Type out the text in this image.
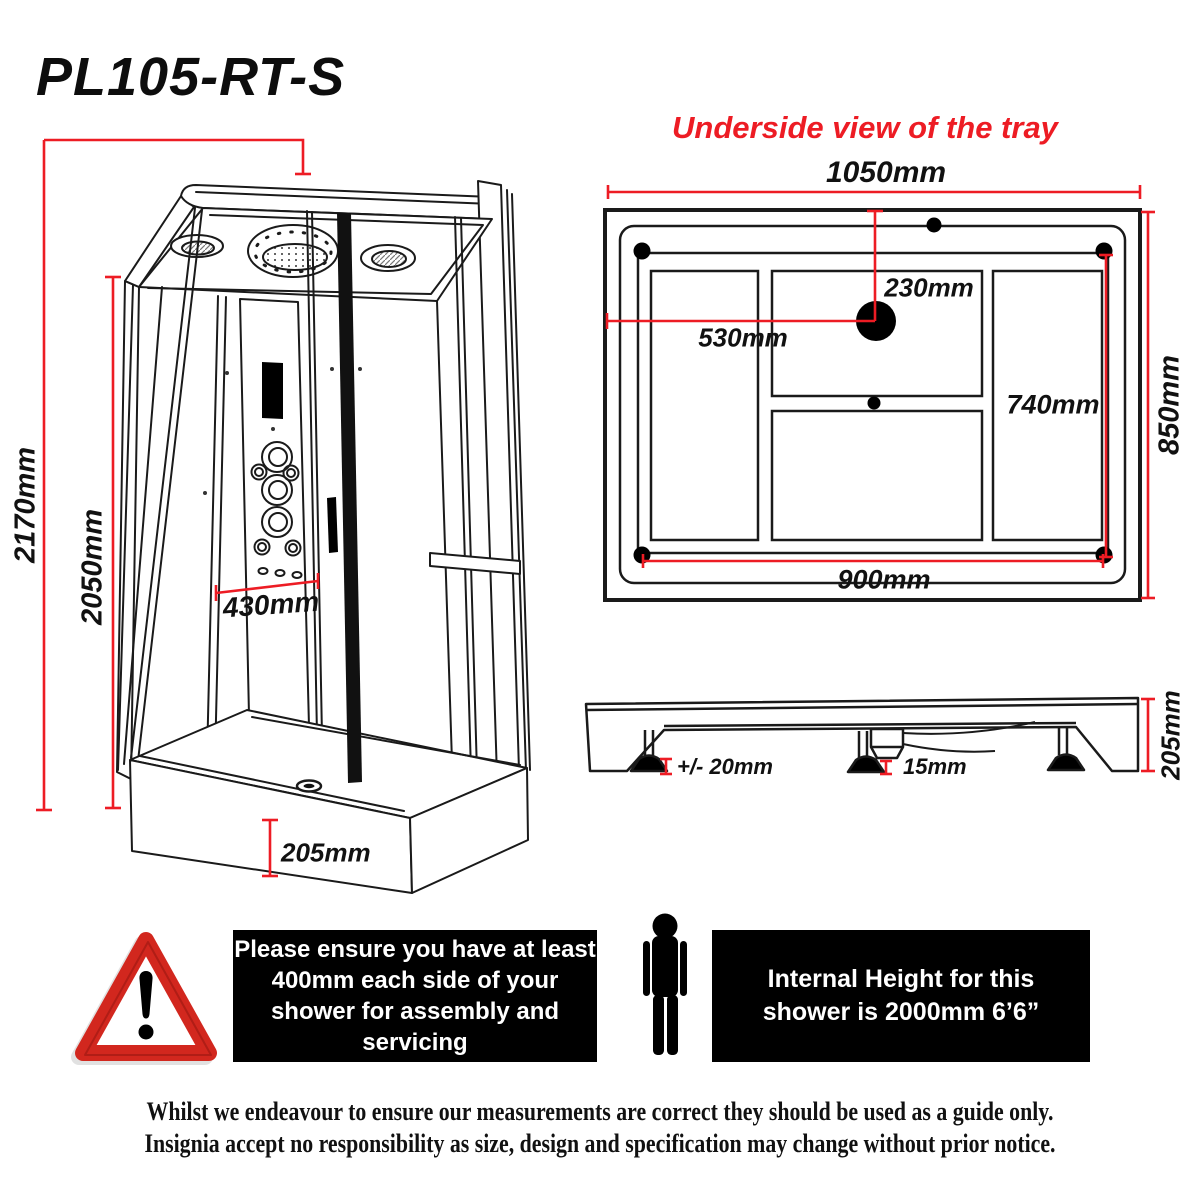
PL105-RT-S
Underside view of the tray
2170mm
2050mm	430mm
205mm
1050mm
850mm
230mm
530mm
740mm
900mm
+/- 20mm	15mm	205mm
Please ensure you have at least
400mm each side of your
shower for assembly and
servicing
Internal Height for this
shower is 2000mm 6’6”
Whilst we endeavour to ensure our measurements are correct they should be used as a guide only.
Insignia accept no responsibility as size, design and specification may change without prior notice.
